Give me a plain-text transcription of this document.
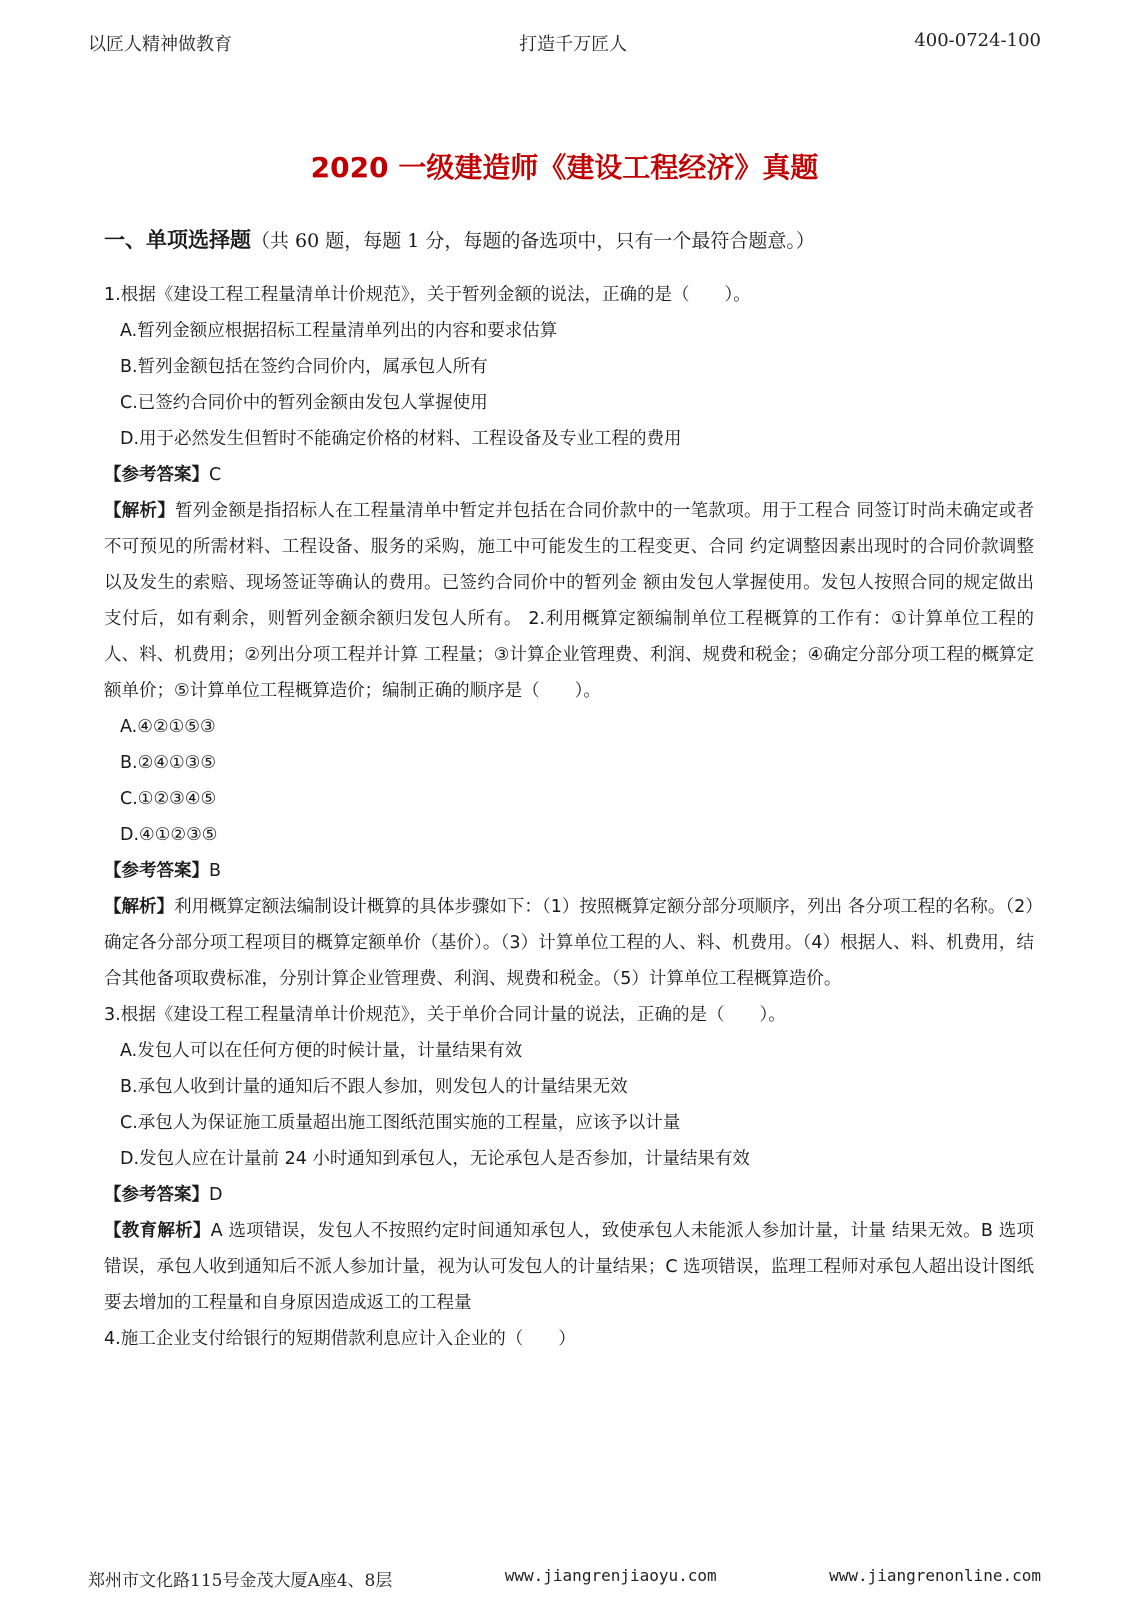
以匠人精神做教育	打造千万匠人	400-0724-100
2020 一级建造师《建设工程经济》真题
一、单项选择题（共 60 题，每题 1 分，每题的备选项中，只有一个最符合题意。）
1.根据《建设工程工程量清单计价规范》，关于暂列金额的说法，正确的是（　　）。
A.暂列金额应根据招标工程量清单列出的内容和要求估算
B.暂列金额包括在签约合同价内，属承包人所有
C.已签约合同价中的暂列金额由发包人掌握使用
D.用于必然发生但暂时不能确定价格的材料、工程设备及专业工程的费用
【参考答案】C
【解析】暂列金额是指招标人在工程量清单中暂定并包括在合同价款中的一笔款项。用于工程合 同签订时尚未确定或者不可预见的所需材料、工程设备、服务的采购，施工中可能发生的工程变更、合同 约定调整因素出现时的合同价款调整以及发生的索赔、现场签证等确认的费用。已签约合同价中的暂列金 额由发包人掌握使用。发包人按照合同的规定做出支付后，如有剩余，则暂列金额余额归发包人所有。 2.利用概算定额编制单位工程概算的工作有：①计算单位工程的人、料、机费用；②列出分项工程并计算 工程量；③计算企业管理费、利润、规费和税金；④确定分部分项工程的概算定额单价；⑤计算单位工程概算造价；编制正确的顺序是（　　）。
A.④②①⑤③
B.②④①③⑤
C.①②③④⑤
D.④①②③⑤
【参考答案】B
【解析】利用概算定额法编制设计概算的具体步骤如下：（1）按照概算定额分部分项顺序，列出 各分项工程的名称。（2）确定各分部分项工程项目的概算定额单价（基价）。（3）计算单位工程的人、料、机费用。（4）根据人、料、机费用，结合其他备项取费标准，分别计算企业管理费、利润、规费和税金。（5）计算单位工程概算造价。
3.根据《建设工程工程量清单计价规范》，关于单价合同计量的说法，正确的是（　　）。
A.发包人可以在任何方便的时候计量，计量结果有效
B.承包人收到计量的通知后不跟人参加，则发包人的计量结果无效
C.承包人为保证施工质量超出施工图纸范围实施的工程量，应该予以计量
D.发包人应在计量前 24 小时通知到承包人，无论承包人是否参加，计量结果有效
【参考答案】D
【教育解析】A 选项错误，发包人不按照约定时间通知承包人，致使承包人未能派人参加计量，计量 结果无效。B 选项错误，承包人收到通知后不派人参加计量，视为认可发包人的计量结果；C 选项错误，监理工程师对承包人超出设计图纸要去增加的工程量和自身原因造成返工的工程量
4.施工企业支付给银行的短期借款利息应计入企业的（　　）
郑州市文化路115号金茂大厦A座4、8层	www.jiangrenjiaoyu.com	www.jiangrenonline.com
